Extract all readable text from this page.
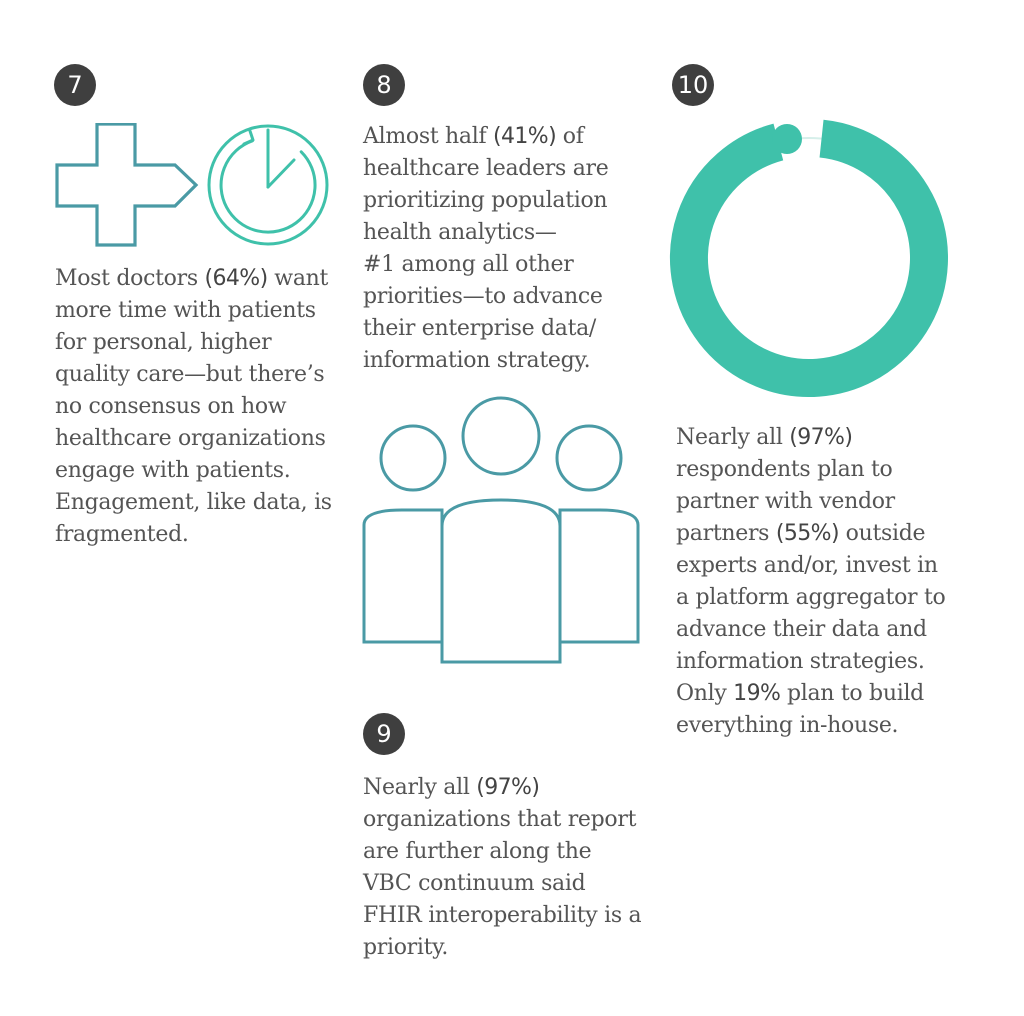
7
Most doctors (64%) want
more time with patients
for personal, higher
quality care—but there’s
no consensus on how
healthcare organizations
engage with patients.
Engagement, like data, is
fragmented.
8
Almost half (41%) of
healthcare leaders are
prioritizing population
health analytics—
#1 among all other
priorities—to advance
their enterprise data/
information strategy.
9
Nearly all (97%)
organizations that report
are further along the
VBC continuum said
FHIR interoperability is a
priority.
10
Nearly all (97%)
respondents plan to
partner with vendor
partners (55%) outside
experts and/or, invest in
a platform aggregator to
advance their data and
information strategies.
Only 19% plan to build
everything in-house.
